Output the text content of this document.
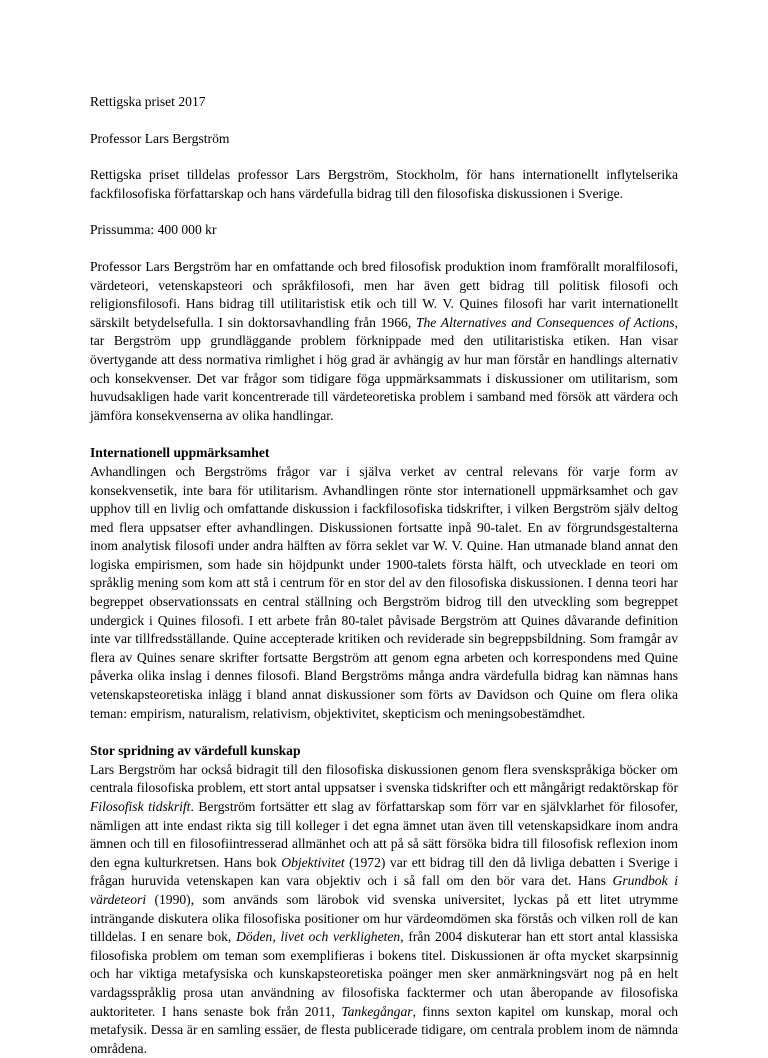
Rettigska priset 2017

Professor Lars Bergström

Rettigska priset tilldelas professor Lars Bergström, Stockholm, för hans internationellt inflytelserika fackfilosofiska författarskap och hans värdefulla bidrag till den filosofiska diskussionen i Sverige.

Prissumma: 400 000 kr

Professor Lars Bergström har en omfattande och bred filosofisk produktion inom framförallt moralfilosofi, värdeteori, vetenskapsteori och språkfilosofi, men har även gett bidrag till politisk filosofi och religionsfilosofi. Hans bidrag till utilitaristisk etik och till W. V. Quines filosofi har varit internationellt särskilt betydelsefulla. I sin doktorsavhandling från 1966, The Alternatives and Consequences of Actions, tar Bergström upp grundläggande problem förknippade med den utilitaristiska etiken. Han visar övertygande att dess normativa rimlighet i hög grad är avhängig av hur man förstår en handlings alternativ och konsekvenser. Det var frågor som tidigare föga uppmärksammats i diskussioner om utilitarism, som huvudsakligen hade varit koncentrerade till värdeteoretiska problem i samband med försök att värdera och jämföra konsekvenserna av olika handlingar.

Internationell uppmärksamhet

Avhandlingen och Bergströms frågor var i själva verket av central relevans för varje form av konsekvensetik, inte bara för utilitarism. Avhandlingen rönte stor internationell uppmärksamhet och gav upphov till en livlig och omfattande diskussion i fackfilosofiska tidskrifter, i vilken Bergström själv deltog med flera uppsatser efter avhandlingen. Diskussionen fortsatte inpå 90-talet. En av förgrundsgestalterna inom analytisk filosofi under andra hälften av förra seklet var W. V. Quine. Han utmanade bland annat den logiska empirismen, som hade sin höjdpunkt under 1900-talets första hälft, och utvecklade en teori om språklig mening som kom att stå i centrum för en stor del av den filosofiska diskussionen. I denna teori har begreppet observationssats en central ställning och Bergström bidrog till den utveckling som begreppet undergick i Quines filosofi. I ett arbete från 80-talet påvisade Bergström att Quines dåvarande definition inte var tillfredsställande. Quine accepterade kritiken och reviderade sin begreppsbildning. Som framgår av flera av Quines senare skrifter fortsatte Bergström att genom egna arbeten och korrespondens med Quine påverka olika inslag i dennes filosofi. Bland Bergströms många andra värdefulla bidrag kan nämnas hans vetenskapsteoretiska inlägg i bland annat diskussioner som förts av Davidson och Quine om flera olika teman: empirism, naturalism, relativism, objektivitet, skepticism och meningsobestämdhet.

Stor spridning av värdefull kunskap

Lars Bergström har också bidragit till den filosofiska diskussionen genom flera svenskspråkiga böcker om centrala filosofiska problem, ett stort antal uppsatser i svenska tidskrifter och ett mångårigt redaktörskap för Filosofisk tidskrift. Bergström fortsätter ett slag av författarskap som förr var en självklarhet för filosofer, nämligen att inte endast rikta sig till kolleger i det egna ämnet utan även till vetenskapsidkare inom andra ämnen och till en filosofiintresserad allmänhet och att på så sätt försöka bidra till filosofisk reflexion inom den egna kulturkretsen. Hans bok Objektivitet (1972) var ett bidrag till den då livliga debatten i Sverige i frågan huruvida vetenskapen kan vara objektiv och i så fall om den bör vara det. Hans Grundbok i värdeteori (1990), som används som lärobok vid svenska universitet, lyckas på ett litet utrymme inträngande diskutera olika filosofiska positioner om hur värdeomdömen ska förstås och vilken roll de kan tilldelas. I en senare bok, Döden, livet och verkligheten, från 2004 diskuterar han ett stort antal klassiska filosofiska problem om teman som exemplifieras i bokens titel. Diskussionen är ofta mycket skarpsinnig och har viktiga metafysiska och kunskapsteoretiska poänger men sker anmärkningsvärt nog på en helt vardagsspråklig prosa utan användning av filosofiska facktermer och utan åberopande av filosofiska auktoriteter. I hans senaste bok från 2011, Tankegångar, finns sexton kapitel om kunskap, moral och metafysik. Dessa är en samling essäer, de flesta publicerade tidigare, om centrala problem inom de nämnda områdena.
